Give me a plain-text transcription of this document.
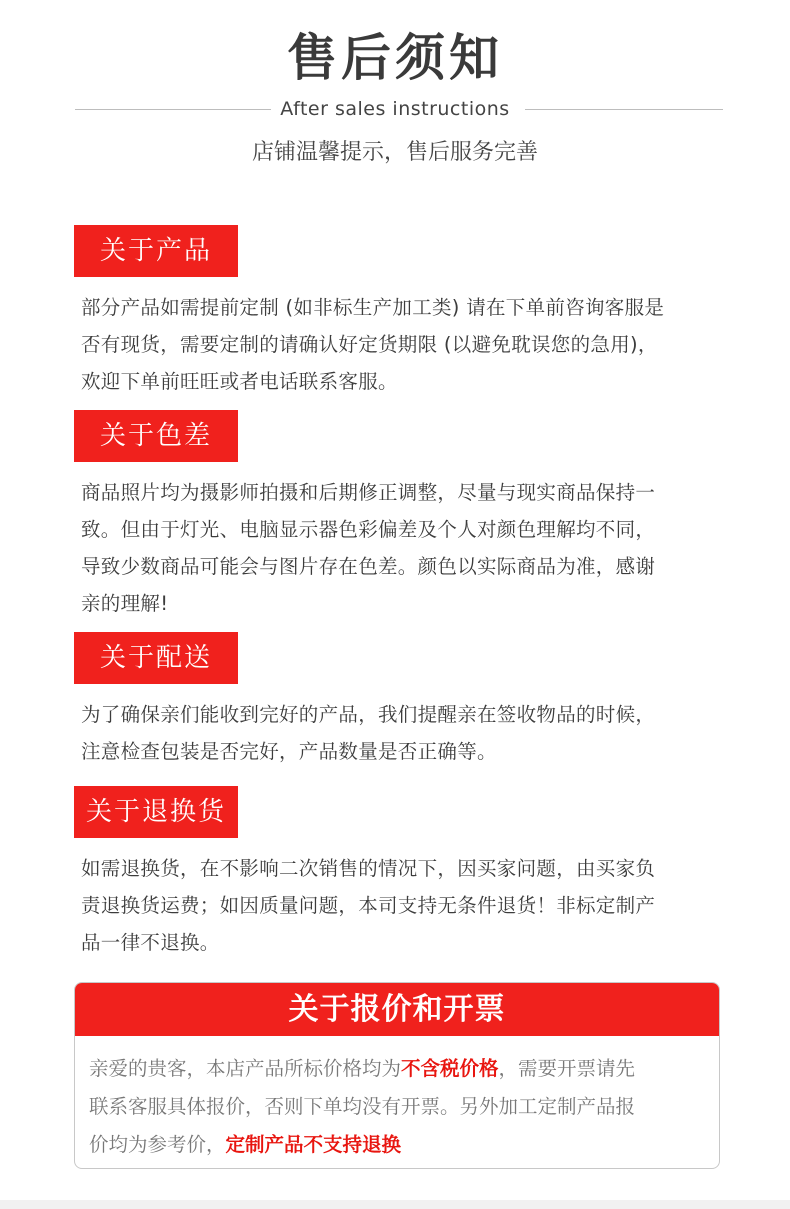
售后须知
After sales instructions
店铺温馨提示，售后服务完善
关于产品

部分产品如需提前定制 (如非标生产加工类) 请在下单前咨询客服是

否有现货，需要定制的请确认好定货期限 (以避免耽误您的急用)，

欢迎下单前旺旺或者电话联系客服。

关于色差

商品照片均为摄影师拍摄和后期修正调整，尽量与现实商品保持一

致。但由于灯光、电脑显示器色彩偏差及个人对颜色理解均不同，

导致少数商品可能会与图片存在色差。颜色以实际商品为准，感谢

亲的理解!

关于配送

为了确保亲们能收到完好的产品，我们提醒亲在签收物品的时候，

注意检查包装是否完好，产品数量是否正确等。

关于退换货

如需退换货，在不影响二次销售的情况下，因买家问题，由买家负

责退换货运费；如因质量问题，本司支持无条件退货！非标定制产

品一律不退换。

关于报价和开票
亲爱的贵客，本店产品所标价格均为不含税价格，需要开票请先
联系客服具体报价，否则下单均没有开票。另外加工定制产品报
价均为参考价，定制产品不支持退换
